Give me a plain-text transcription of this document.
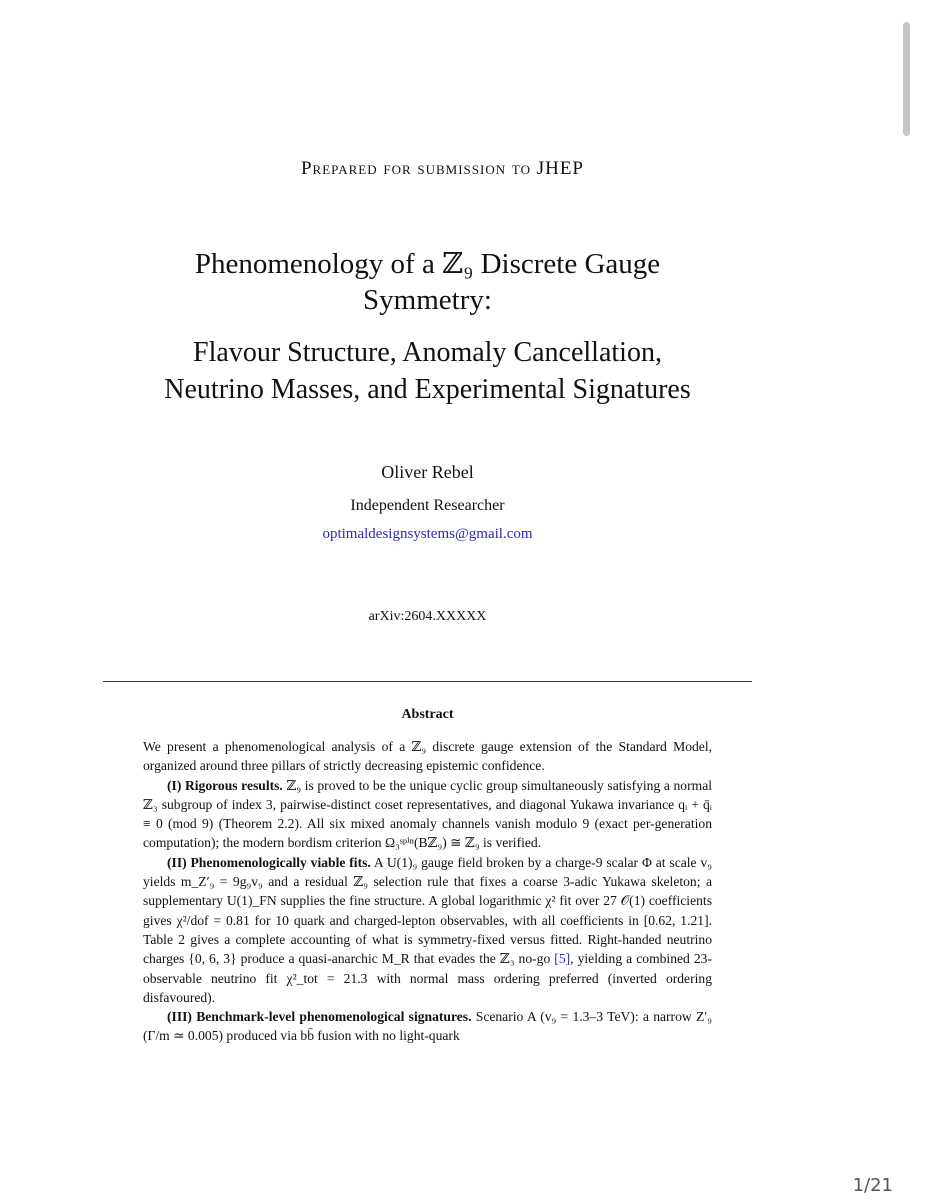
Prepared for submission to JHEP
Phenomenology of a ℤ₉ Discrete Gauge
Symmetry:
Flavour Structure, Anomaly Cancellation,
Neutrino Masses, and Experimental Signatures
Oliver Rebel
Independent Researcher
optimaldesignsystems@gmail.com
arXiv:2604.XXXXX
Abstract

We present a phenomenological analysis of a ℤ₉ discrete gauge extension of the Standard Model, organized around three pillars of strictly decreasing epistemic confidence.

(I) Rigorous results. ℤ₉ is proved to be the unique cyclic group simultaneously satisfying a normal ℤ₃ subgroup of index 3, pairwise-distinct coset representatives, and diagonal Yukawa invariance qᵢ + q̄ᵢ ≡ 0 (mod 9) (Theorem 2.2). All six mixed anomaly channels vanish modulo 9 (exact per-generation computation); the modern bordism criterion Ω₃ˢᵖⁱⁿ(Bℤ₉) ≅ ℤ₉ is verified.

(II) Phenomenologically viable fits. A U(1)₉ gauge field broken by a charge-9 scalar Φ at scale v₉ yields m_Z′₉ = 9g₉v₉ and a residual ℤ₉ selection rule that fixes a coarse 3-adic Yukawa skeleton; a supplementary U(1)_FN supplies the fine structure. A global logarithmic χ² fit over 27 𝒪(1) coefficients gives χ²/dof = 0.81 for 10 quark and charged-lepton observables, with all coefficients in [0.62, 1.21]. Table 2 gives a complete accounting of what is symmetry-fixed versus fitted. Right-handed neutrino charges {0, 6, 3} produce a quasi-anarchic M_R that evades the ℤ₃ no-go [5], yielding a combined 23-observable neutrino fit χ²_tot = 21.3 with normal mass ordering preferred (inverted ordering disfavoured).

(III) Benchmark-level phenomenological signatures. Scenario A (v₉ = 1.3–3 TeV): a narrow Z′₉ (Γ/m ≃ 0.005) produced via bb̄ fusion with no light-quark

1/21
